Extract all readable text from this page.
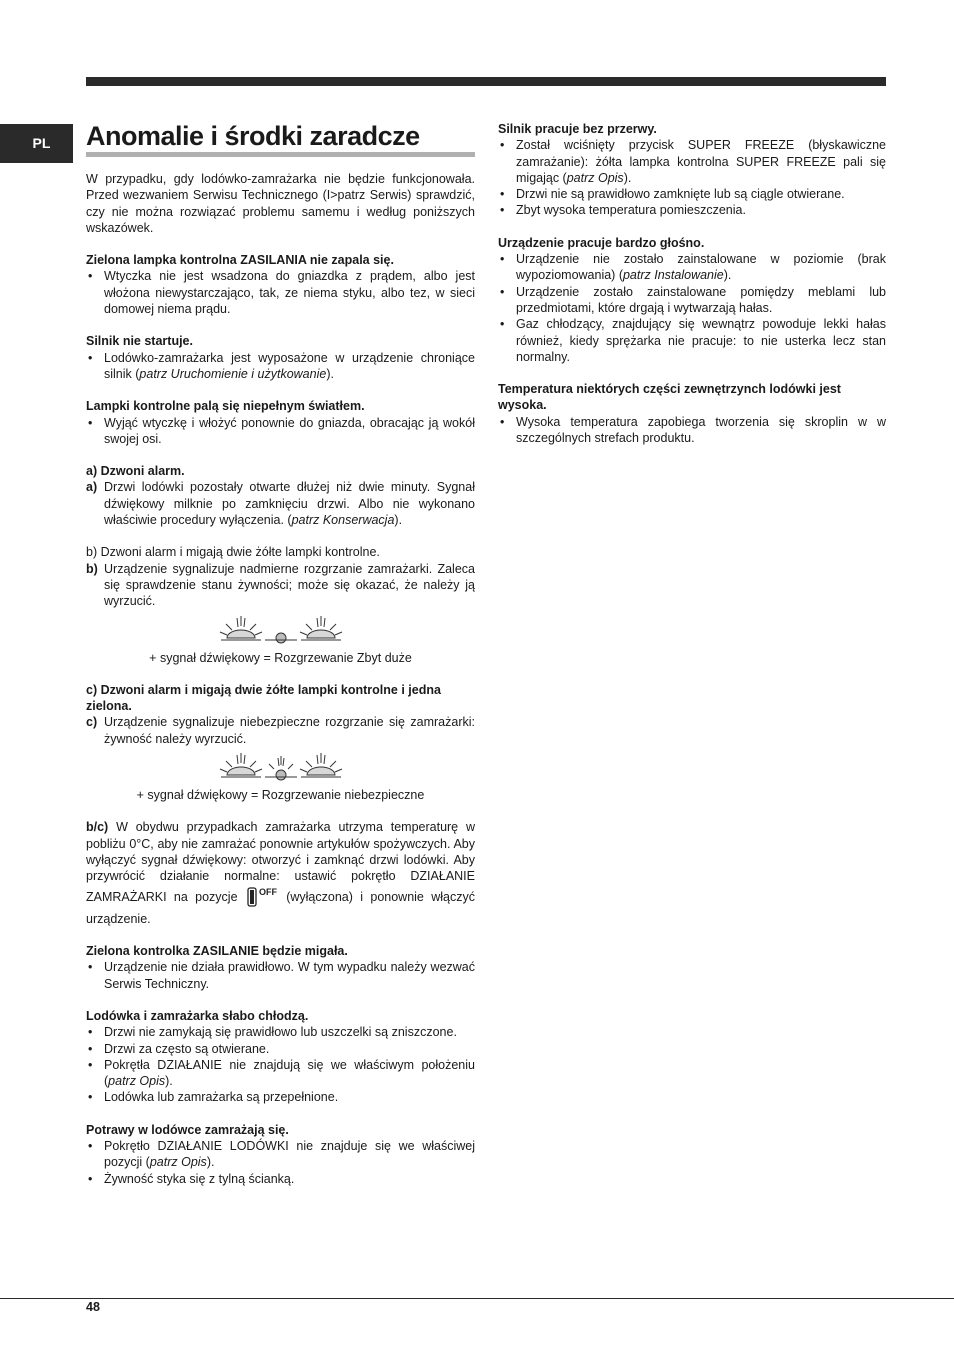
PL	Anomalie i środki zaradcze

W przypadku, gdy lodówko-zamrażarka nie będzie funkcjonowała. Przed wezwaniem Serwisu Technicznego (I>patrz Serwis) sprawdzić, czy nie można rozwiązać problemu samemu i według poniższych wskazówek.

Zielona lampka kontrolna ZASILANIA nie zapala się.

• Wtyczka nie jest wsadzona do gniazdka z prądem, albo jest włożona niewystarczająco, tak, ze niema styku, albo tez, w sieci domowej niema prądu.

Silnik nie startuje.

• Lodówko-zamrażarka jest wyposażone w urządzenie chroniące silnik (patrz Uruchomienie i użytkowanie).

Lampki kontrolne palą się niepełnym światłem.

• Wyjąć wtyczkę i włożyć ponownie do gniazda, obracając ją wokół swojej osi.

a) Dzwoni alarm.

a) Drzwi lodówki pozostały otwarte dłużej niż dwie minuty. Sygnał dźwiękowy milknie po zamknięciu drzwi. Albo nie wykonano właściwie procedury wyłączenia. (patrz Konserwacja).

b) Dzwoni alarm i migają dwie żółte lampki kontrolne.

b) Urządzenie sygnalizuje nadmierne rozgrzanie zamrażarki. Zaleca się sprawdzenie stanu żywności; może się okazać, że należy ją wyrzucić.

+ sygnał dźwiękowy = Rozgrzewanie Zbyt duże

c) Dzwoni alarm i migają dwie żółte lampki kontrolne i jedna zielona.

c) Urządzenie sygnalizuje niebezpieczne rozgrzanie się zamrażarki: żywność należy wyrzucić.

+ sygnał dźwiękowy = Rozgrzewanie niebezpieczne

b/c) W obydwu przypadkach zamrażarka utrzyma temperaturę w pobliżu 0°C, aby nie zamrażać ponownie artykułów spożywczych. Aby wyłączyć sygnał dźwiękowy: otworzyć i zamknąć drzwi lodówki. Aby przywrócić działanie normalne: ustawić pokrętło DZIAŁANIE ZAMRAŻARKI na pozycje OFF (wyłączona) i ponownie włączyć urządzenie.

Zielona kontrolka ZASILANIE będzie migała.

• Urządzenie nie działa prawidłowo. W tym wypadku należy wezwać Serwis Techniczny.

Lodówka i zamrażarka słabo chłodzą.

• Drzwi nie zamykają się prawidłowo lub uszczelki są zniszczone.
• Drzwi za często są otwierane.
• Pokrętła DZIAŁANIE nie znajdują się we właściwym położeniu (patrz Opis).
• Lodówka lub zamrażarka są przepełnione.

Potrawy w lodówce zamrażają się.

• Pokrętło DZIAŁANIE LODÓWKI nie znajduje się we właściwej pozycji (patrz Opis).
• Żywność styka się z tylną ścianką.

Silnik pracuje bez przerwy.

• Został wciśnięty przycisk SUPER FREEZE (błyskawiczne zamrażanie): żółta lampka kontrolna SUPER FREEZE pali się migając (patrz Opis).
• Drzwi nie są prawidłowo zamknięte lub są ciągle otwierane.
• Zbyt wysoka temperatura pomieszczenia.

Urządzenie pracuje bardzo głośno.

• Urządzenie nie zostało zainstalowane w poziomie (brak wypoziomowania) (patrz Instalowanie).
• Urządzenie zostało zainstalowane pomiędzy meblami lub przedmiotami, które drgają i wytwarzają hałas.
• Gaz chłodzący, znajdujący się wewnątrz powoduje lekki hałas również, kiedy sprężarka nie pracuje: to nie usterka lecz stan normalny.

Temperatura niektórych części zewnętrzynch lodówki jest wysoka.

• Wysoka temperatura zapobiega tworzenia się skroplin w w szczególnych strefach produktu.
48
